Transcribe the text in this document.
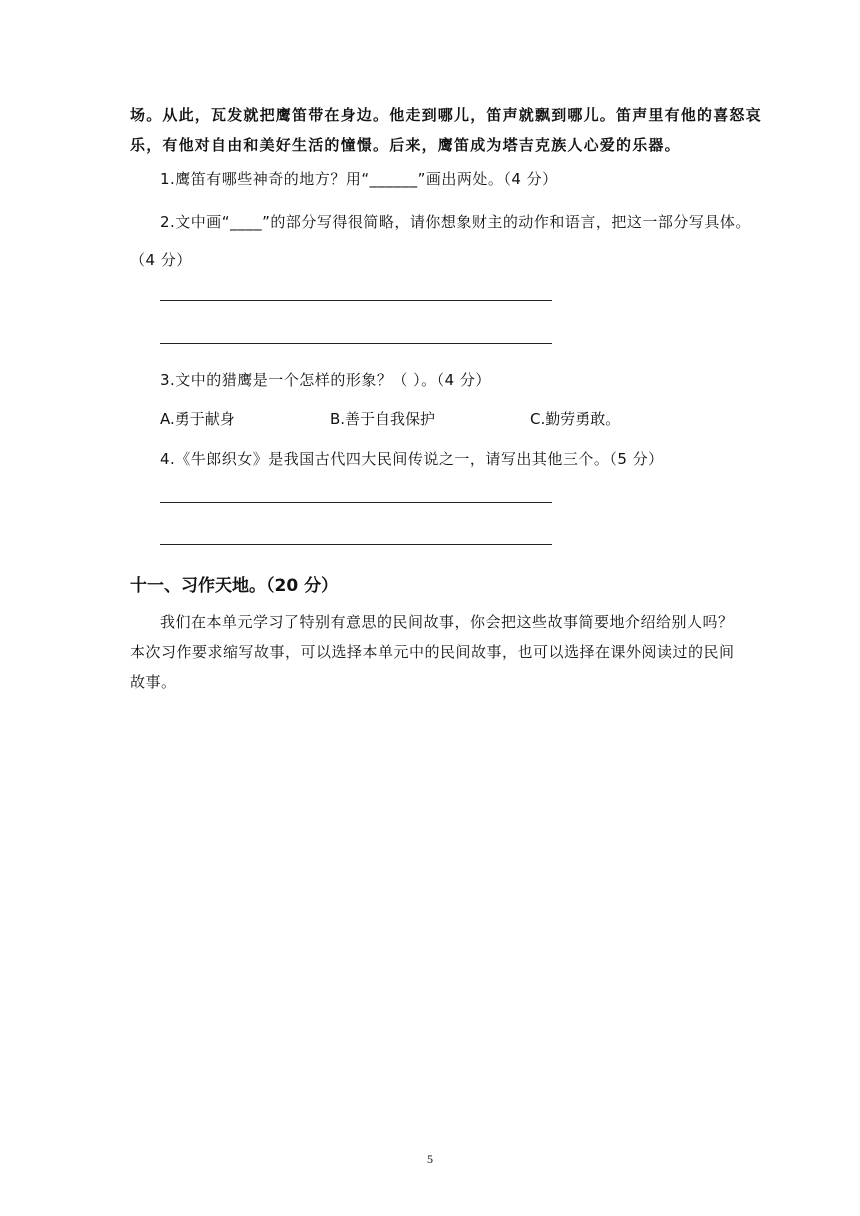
场。从此，瓦发就把鹰笛带在身边。他走到哪儿，笛声就飘到哪儿。笛声里有他的喜怒哀
乐，有他对自由和美好生活的憧憬。后来，鹰笛成为塔吉克族人心爱的乐器。
1.鹰笛有哪些神奇的地方？用“______”画出两处。（4 分）
2.文中画“____”的部分写得很简略，请你想象财主的动作和语言，把这一部分写具体。
（4 分）
3.文中的猎鹰是一个怎样的形象？（ ）。（4 分）
A.勇于献身	B.善于自我保护	C.勤劳勇敢。
4.《牛郎织女》是我国古代四大民间传说之一，请写出其他三个。（5 分）
十一、习作天地。（20 分）
我们在本单元学习了特别有意思的民间故事，你会把这些故事简要地介绍给别人吗？
本次习作要求缩写故事，可以选择本单元中的民间故事，也可以选择在课外阅读过的民间
故事。
5
